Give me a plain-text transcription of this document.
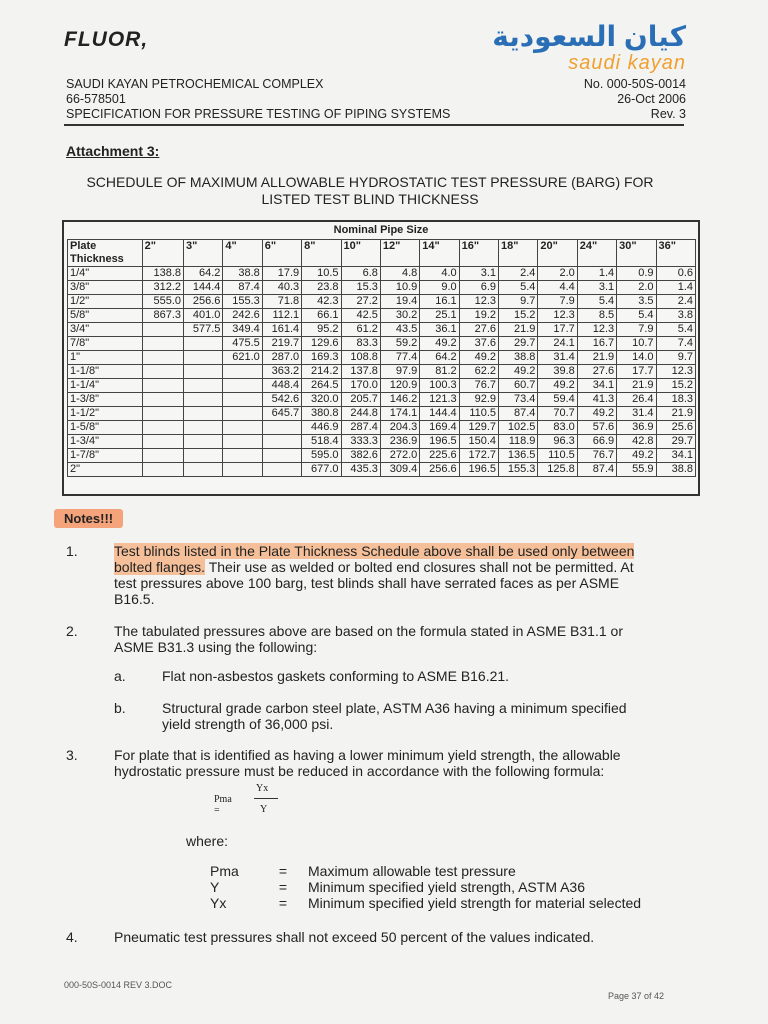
FLUOR,	كيان السعودية
saudi kayan
SAUDI KAYAN PETROCHEMICAL COMPLEX
66-578501
SPECIFICATION FOR PRESSURE TESTING OF PIPING SYSTEMS
No. 000-50S-0014
26-Oct 2006
Rev. 3
Attachment 3:
SCHEDULE OF MAXIMUM ALLOWABLE HYDROSTATIC TEST PRESSURE (BARG) FOR
LISTED TEST BLIND THICKNESS
Nominal Pipe Size
Plate
Thickness	2"	3"	4"	6"	8"	10"	12"	14"	16"	18"	20"	24"	30"	36"
1/4"	138.8	64.2	38.8	17.9	10.5	6.8	4.8	4.0	3.1	2.4	2.0	1.4	0.9	0.6
3/8"	312.2	144.4	87.4	40.3	23.8	15.3	10.9	9.0	6.9	5.4	4.4	3.1	2.0	1.4
1/2"	555.0	256.6	155.3	71.8	42.3	27.2	19.4	16.1	12.3	9.7	7.9	5.4	3.5	2.4
5/8"	867.3	401.0	242.6	112.1	66.1	42.5	30.2	25.1	19.2	15.2	12.3	8.5	5.4	3.8
3/4"		577.5	349.4	161.4	95.2	61.2	43.5	36.1	27.6	21.9	17.7	12.3	7.9	5.4
7/8"			475.5	219.7	129.6	83.3	59.2	49.2	37.6	29.7	24.1	16.7	10.7	7.4
1"			621.0	287.0	169.3	108.8	77.4	64.2	49.2	38.8	31.4	21.9	14.0	9.7
1-1/8"				363.2	214.2	137.8	97.9	81.2	62.2	49.2	39.8	27.6	17.7	12.3
1-1/4"				448.4	264.5	170.0	120.9	100.3	76.7	60.7	49.2	34.1	21.9	15.2
1-3/8"				542.6	320.0	205.7	146.2	121.3	92.9	73.4	59.4	41.3	26.4	18.3
1-1/2"				645.7	380.8	244.8	174.1	144.4	110.5	87.4	70.7	49.2	31.4	21.9
1-5/8"					446.9	287.4	204.3	169.4	129.7	102.5	83.0	57.6	36.9	25.6
1-3/4"					518.4	333.3	236.9	196.5	150.4	118.9	96.3	66.9	42.8	29.7
1-7/8"					595.0	382.6	272.0	225.6	172.7	136.5	110.5	76.7	49.2	34.1
2"					677.0	435.3	309.4	256.6	196.5	155.3	125.8	87.4	55.9	38.8
Notes!!!
1.	Test blinds listed in the Plate Thickness Schedule above shall be used only between
bolted flanges. Their use as welded or bolted end closures shall not be permitted. At
test pressures above 100 barg, test blinds shall have serrated faces as per ASME
B16.5.
2.	The tabulated pressures above are based on the formula stated in ASME B31.1 or
ASME B31.3 using the following:
a.	Flat non-asbestos gaskets conforming to ASME B16.21.
b.	Structural grade carbon steel plate, ASTM A36 having a minimum specified
yield strength of 36,000 psi.
3.	For plate that is identified as having a lower minimum yield strength, the allowable
hydrostatic pressure must be reduced in accordance with the following formula:
Pma =
Yx
Y
where:
Pma	=	Maximum allowable test pressure
Y	=	Minimum specified yield strength, ASTM A36
Yx	=	Minimum specified yield strength for material selected
4.	Pneumatic test pressures shall not exceed 50 percent of the values indicated.
000-50S-0014 REV 3.DOC
Page 37 of 42
